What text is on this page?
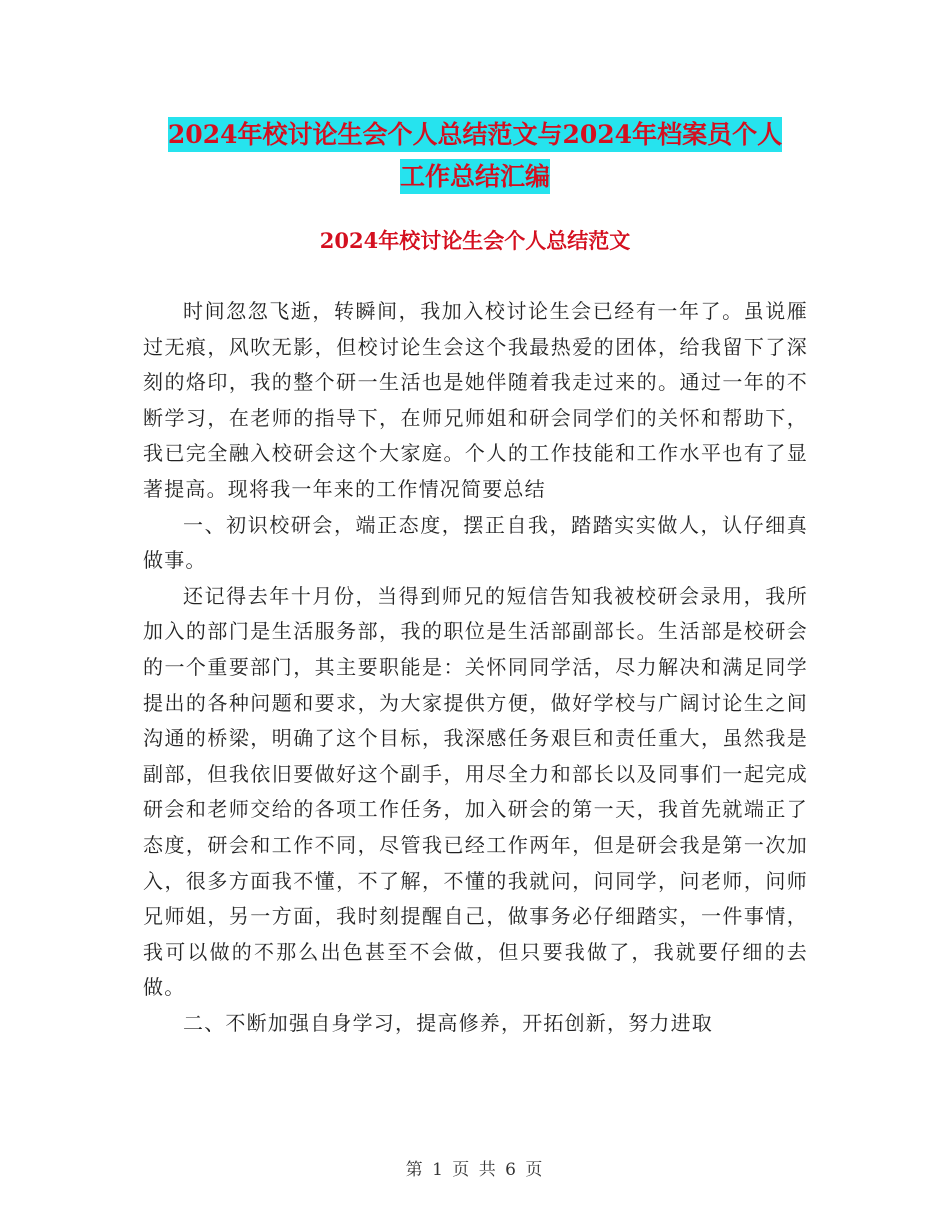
2024年校讨论生会个人总结范文与2024年档案员个人
工作总结汇编
2024年校讨论生会个人总结范文

时间忽忽飞逝，转瞬间，我加入校讨论生会已经有一年了。虽说雁过无痕，风吹无影，但校讨论生会这个我最热爱的团体，给我留下了深刻的烙印，我的整个研一生活也是她伴随着我走过来的。通过一年的不断学习，在老师的指导下，在师兄师姐和研会同学们的关怀和帮助下，我已完全融入校研会这个大家庭。个人的工作技能和工作水平也有了显著提高。现将我一年来的工作情况简要总结

一、初识校研会，端正态度，摆正自我，踏踏实实做人，认仔细真做事。

还记得去年十月份，当得到师兄的短信告知我被校研会录用，我所加入的部门是生活服务部，我的职位是生活部副部长。生活部是校研会的一个重要部门，其主要职能是：关怀同同学活，尽力解决和满足同学提出的各种问题和要求，为大家提供方便，做好学校与广阔讨论生之间沟通的桥梁，明确了这个目标，我深感任务艰巨和责任重大，虽然我是副部，但我依旧要做好这个副手，用尽全力和部长以及同事们一起完成研会和老师交给的各项工作任务，加入研会的第一天，我首先就端正了态度，研会和工作不同，尽管我已经工作两年，但是研会我是第一次加入，很多方面我不懂，不了解，不懂的我就问，问同学，问老师，问师兄师姐，另一方面，我时刻提醒自己，做事务必仔细踏实，一件事情，我可以做的不那么出色甚至不会做，但只要我做了，我就要仔细的去做。

二、不断加强自身学习，提高修养，开拓创新，努力进取

第 1 页 共 6 页
